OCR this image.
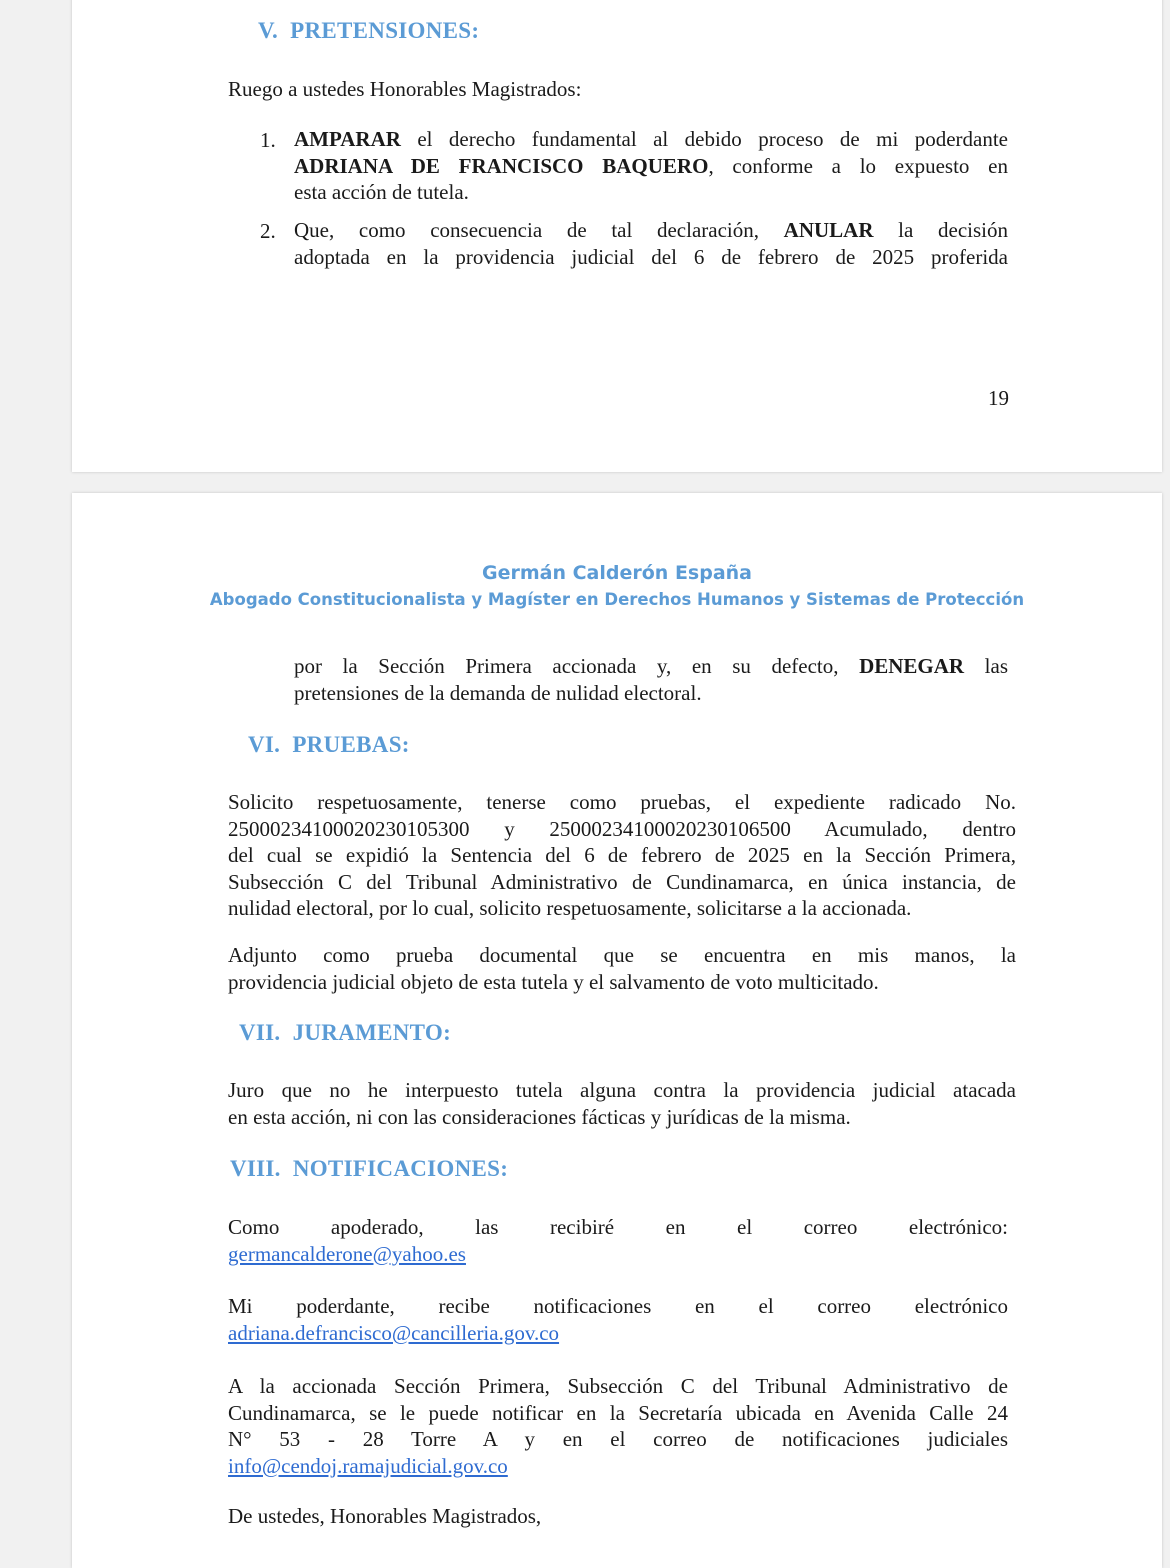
V. PRETENSIONES:
Ruego a ustedes Honorables Magistrados:
1. AMPARAR el derecho fundamental al debido proceso de mi poderdante
ADRIANA DE FRANCISCO BAQUERO, conforme a lo expuesto en
esta acción de tutela.
2. Que, como consecuencia de tal declaración, ANULAR la decisión
adoptada en la providencia judicial del 6 de febrero de 2025 proferida
19
Germán Calderón España
Abogado Constitucionalista y Magíster en Derechos Humanos y Sistemas de Protección
por la Sección Primera accionada y, en su defecto, DENEGAR las
pretensiones de la demanda de nulidad electoral.
VI. PRUEBAS:
Solicito respetuosamente, tenerse como pruebas, el expediente radicado No.
25000234100020230105300 y 25000234100020230106500 Acumulado, dentro
del cual se expidió la Sentencia del 6 de febrero de 2025 en la Sección Primera,
Subsección C del Tribunal Administrativo de Cundinamarca, en única instancia, de
nulidad electoral, por lo cual, solicito respetuosamente, solicitarse a la accionada.
Adjunto como prueba documental que se encuentra en mis manos, la
providencia judicial objeto de esta tutela y el salvamento de voto multicitado.
VII. JURAMENTO:
Juro que no he interpuesto tutela alguna contra la providencia judicial atacada
en esta acción, ni con las consideraciones fácticas y jurídicas de la misma.
VIII. NOTIFICACIONES:
Como apoderado, las recibiré en el correo electrónico:
germancalderone@yahoo.es
Mi poderdante, recibe notificaciones en el correo electrónico
adriana.defrancisco@cancilleria.gov.co
A la accionada Sección Primera, Subsección C del Tribunal Administrativo de
Cundinamarca, se le puede notificar en la Secretaría ubicada en Avenida Calle 24
N° 53 - 28 Torre A y en el correo de notificaciones judiciales
info@cendoj.ramajudicial.gov.co
De ustedes, Honorables Magistrados,
